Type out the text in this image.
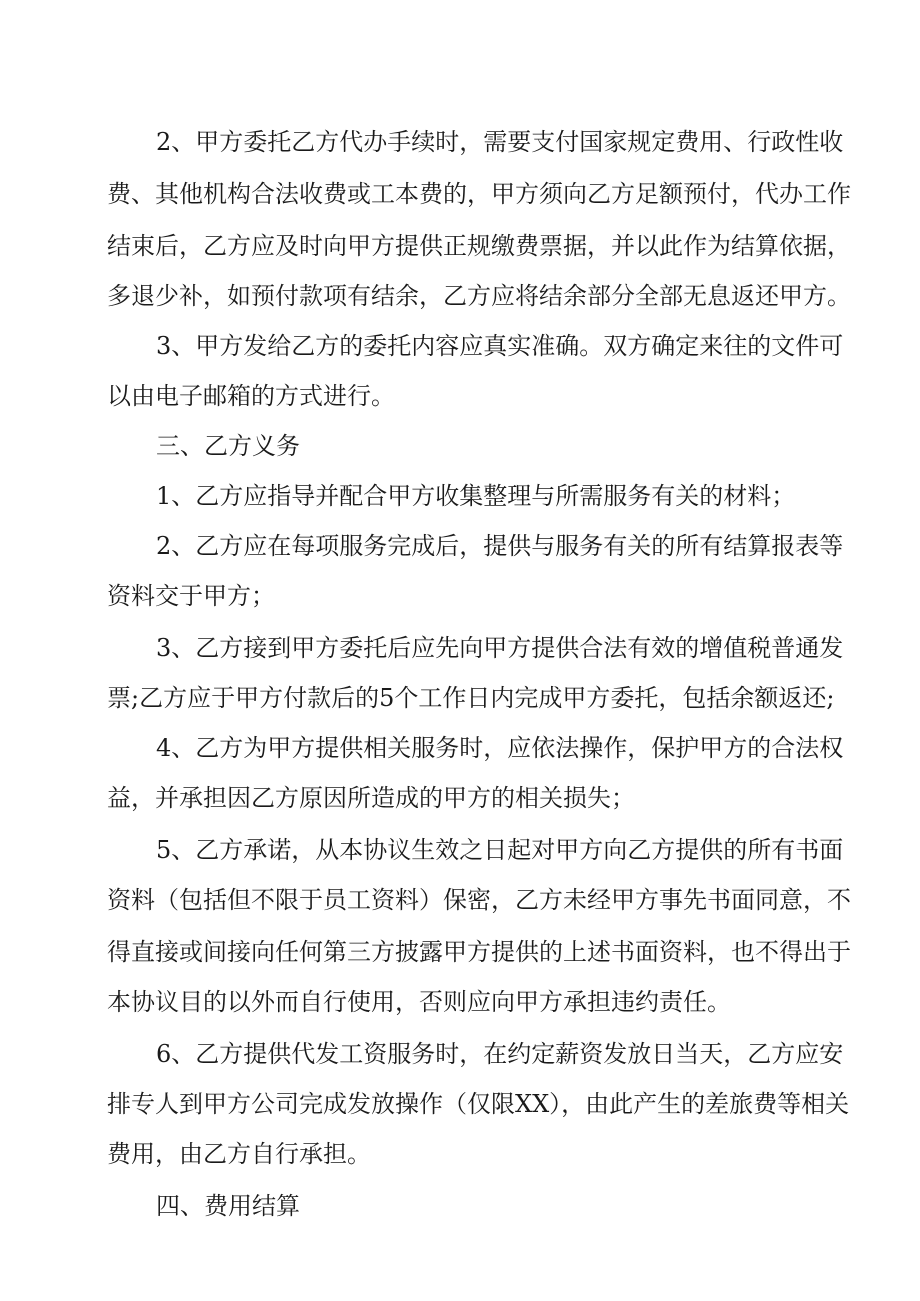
2、甲方委托乙方代办手续时，需要支付国家规定费用、行政性收
费、其他机构合法收费或工本费的，甲方须向乙方足额预付，代办工作
结束后，乙方应及时向甲方提供正规缴费票据，并以此作为结算依据，
多退少补，如预付款项有结余，乙方应将结余部分全部无息返还甲方。
3、甲方发给乙方的委托内容应真实准确。双方确定来往的文件可
以由电子邮箱的方式进行。
三、乙方义务
1、乙方应指导并配合甲方收集整理与所需服务有关的材料；
2、乙方应在每项服务完成后，提供与服务有关的所有结算报表等
资料交于甲方；
3、乙方接到甲方委托后应先向甲方提供合法有效的增值税普通发
票;乙方应于甲方付款后的5个工作日内完成甲方委托，包括余额返还;
4、乙方为甲方提供相关服务时，应依法操作，保护甲方的合法权
益，并承担因乙方原因所造成的甲方的相关损失；
5、乙方承诺，从本协议生效之日起对甲方向乙方提供的所有书面
资料（包括但不限于员工资料）保密，乙方未经甲方事先书面同意，不
得直接或间接向任何第三方披露甲方提供的上述书面资料，也不得出于
本协议目的以外而自行使用，否则应向甲方承担违约责任。
6、乙方提供代发工资服务时，在约定薪资发放日当天，乙方应安
排专人到甲方公司完成发放操作（仅限XX），由此产生的差旅费等相关
费用，由乙方自行承担。
四、费用结算
